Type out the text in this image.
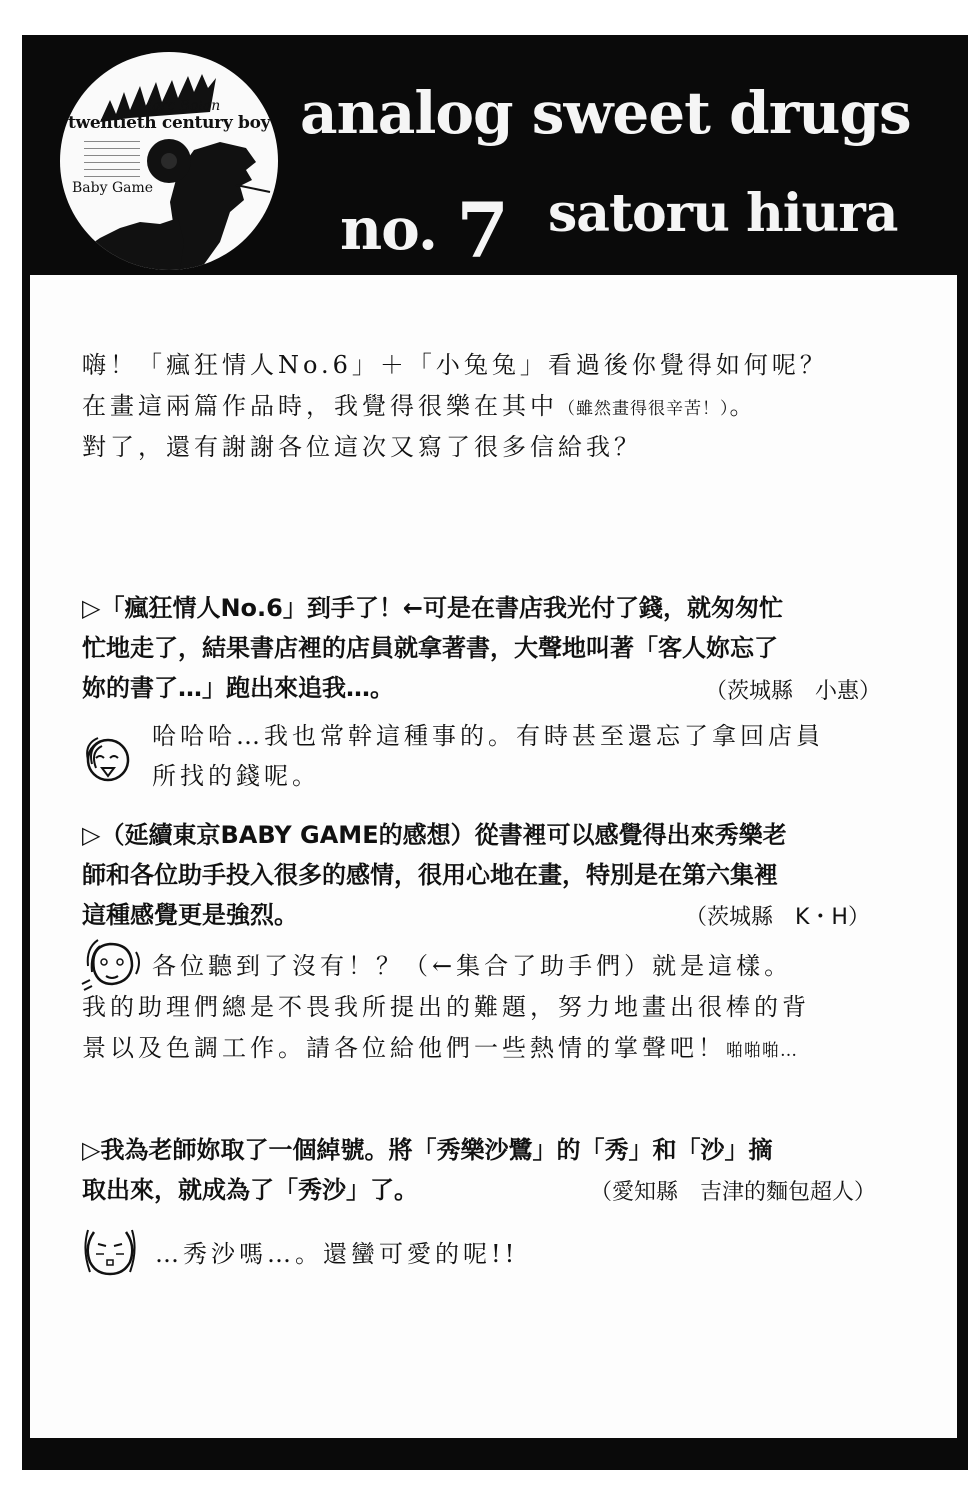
Marc Bolan
twentieth century boy
Baby Game
analog sweet drugs
no. 7 satoru hiura
嗨！「瘋狂情人No.6」＋「小兔兔」看過後你覺得如何呢？
在畫這兩篇作品時，我覺得很樂在其中（雖然畫得很辛苦！）。
對了，還有謝謝各位這次又寫了很多信給我？
▷「瘋狂情人No.6」到手了！←可是在書店我光付了錢，就匆匆忙
忙地走了，結果書店裡的店員就拿著書，大聲地叫著「客人妳忘了
妳的書了…」跑出來追我…。	（茨城縣　小惠）
哈哈哈…我也常幹這種事的。有時甚至還忘了拿回店員
所找的錢呢。
▷（延續東京BABY GAME的感想）從書裡可以感覺得出來秀樂老
師和各位助手投入很多的感情，很用心地在畫，特別是在第六集裡
這種感覺更是強烈。	（茨城縣　K・H）
各位聽到了沒有！？（←集合了助手們）就是這樣。
我的助理們總是不畏我所提出的難題，努力地畫出很棒的背
景以及色調工作。請各位給他們一些熱情的掌聲吧！啪啪啪…
▷我為老師妳取了一個綽號。將「秀樂沙鷺」的「秀」和「沙」摘
取出來，就成為了「秀沙」了。	（愛知縣　吉津的麵包超人）
…秀沙嗎…。還蠻可愛的呢!!
